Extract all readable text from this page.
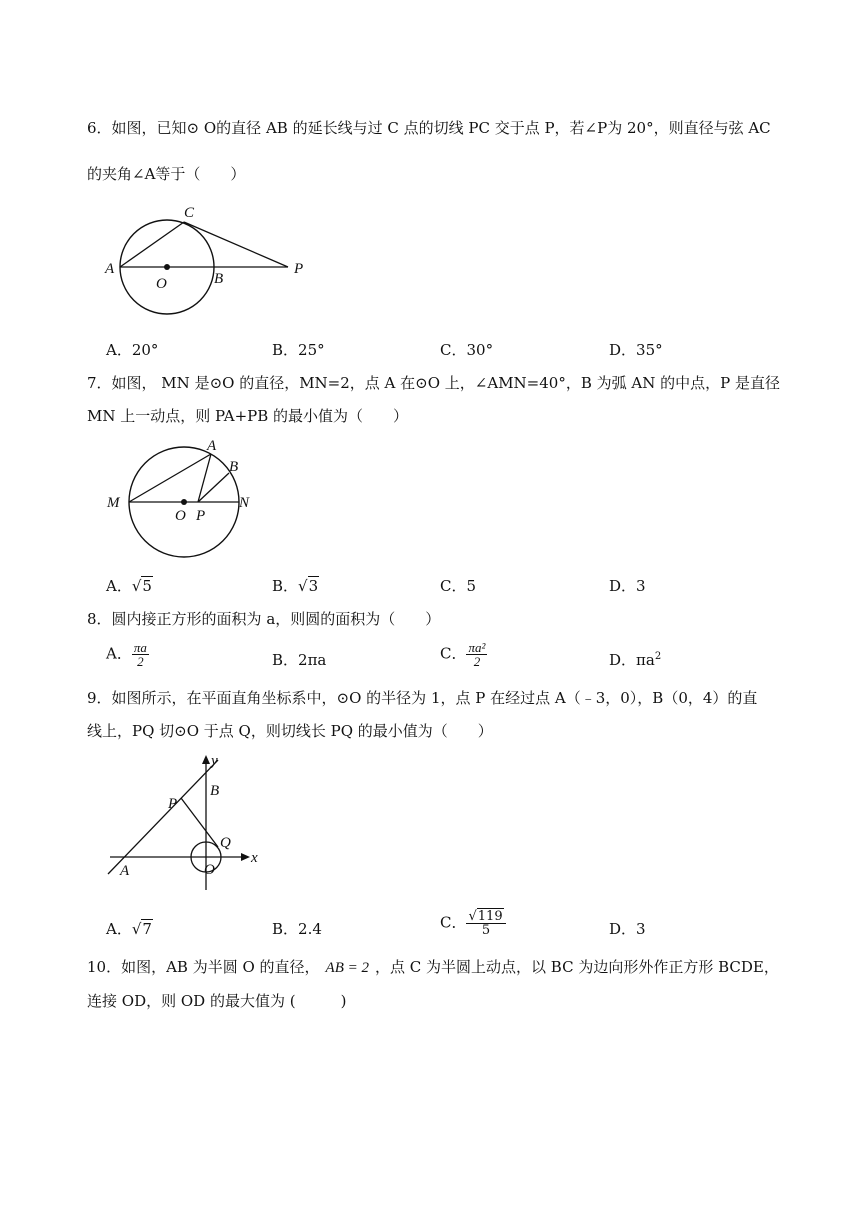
6．如图，已知⊙ O的直径 AB 的延长线与过 C 点的切线 PC 交于点 P，若∠P为 20°，则直径与弦 AC
的夹角∠A等于（　　）
C
A
O	B
P
A．20°	B．25°	C．30°	D．35°
7．如图， MN 是⊙O 的直径，MN=2，点 A 在⊙O 上，∠AMN=40°，B 为弧 AN 的中点，P 是直径
MN 上一动点，则 PA+PB 的最小值为（　　）
A
B
M	N
O P
A．√5	B．√3	C．5	D．3
8．圆内接正方形的面积为 a，则圆的面积为（　　）
A． $\frac{\pi a}{2}$	B．2πa	C． $\frac{\text{πa²}}{2}$	D．$\pi a^2$
9．如图所示，在平面直角坐标系中，⊙O 的半径为 1，点 P 在经过点 A（﹣3，0），B（0，4）的直
线上，PQ 切⊙O 于点 Q，则切线长 PQ 的最小值为（　　）
y
B
P
Q
x
A	O
A．√7	B．2.4	C． $\frac{√119}{5}$	D．3
10．如图，AB 为半圆 O 的直径， AB = 2 ，点 C 为半圆上动点，以 BC 为边向形外作正方形 BCDE，
连接 OD，则 OD 的最大值为 (　　　)
